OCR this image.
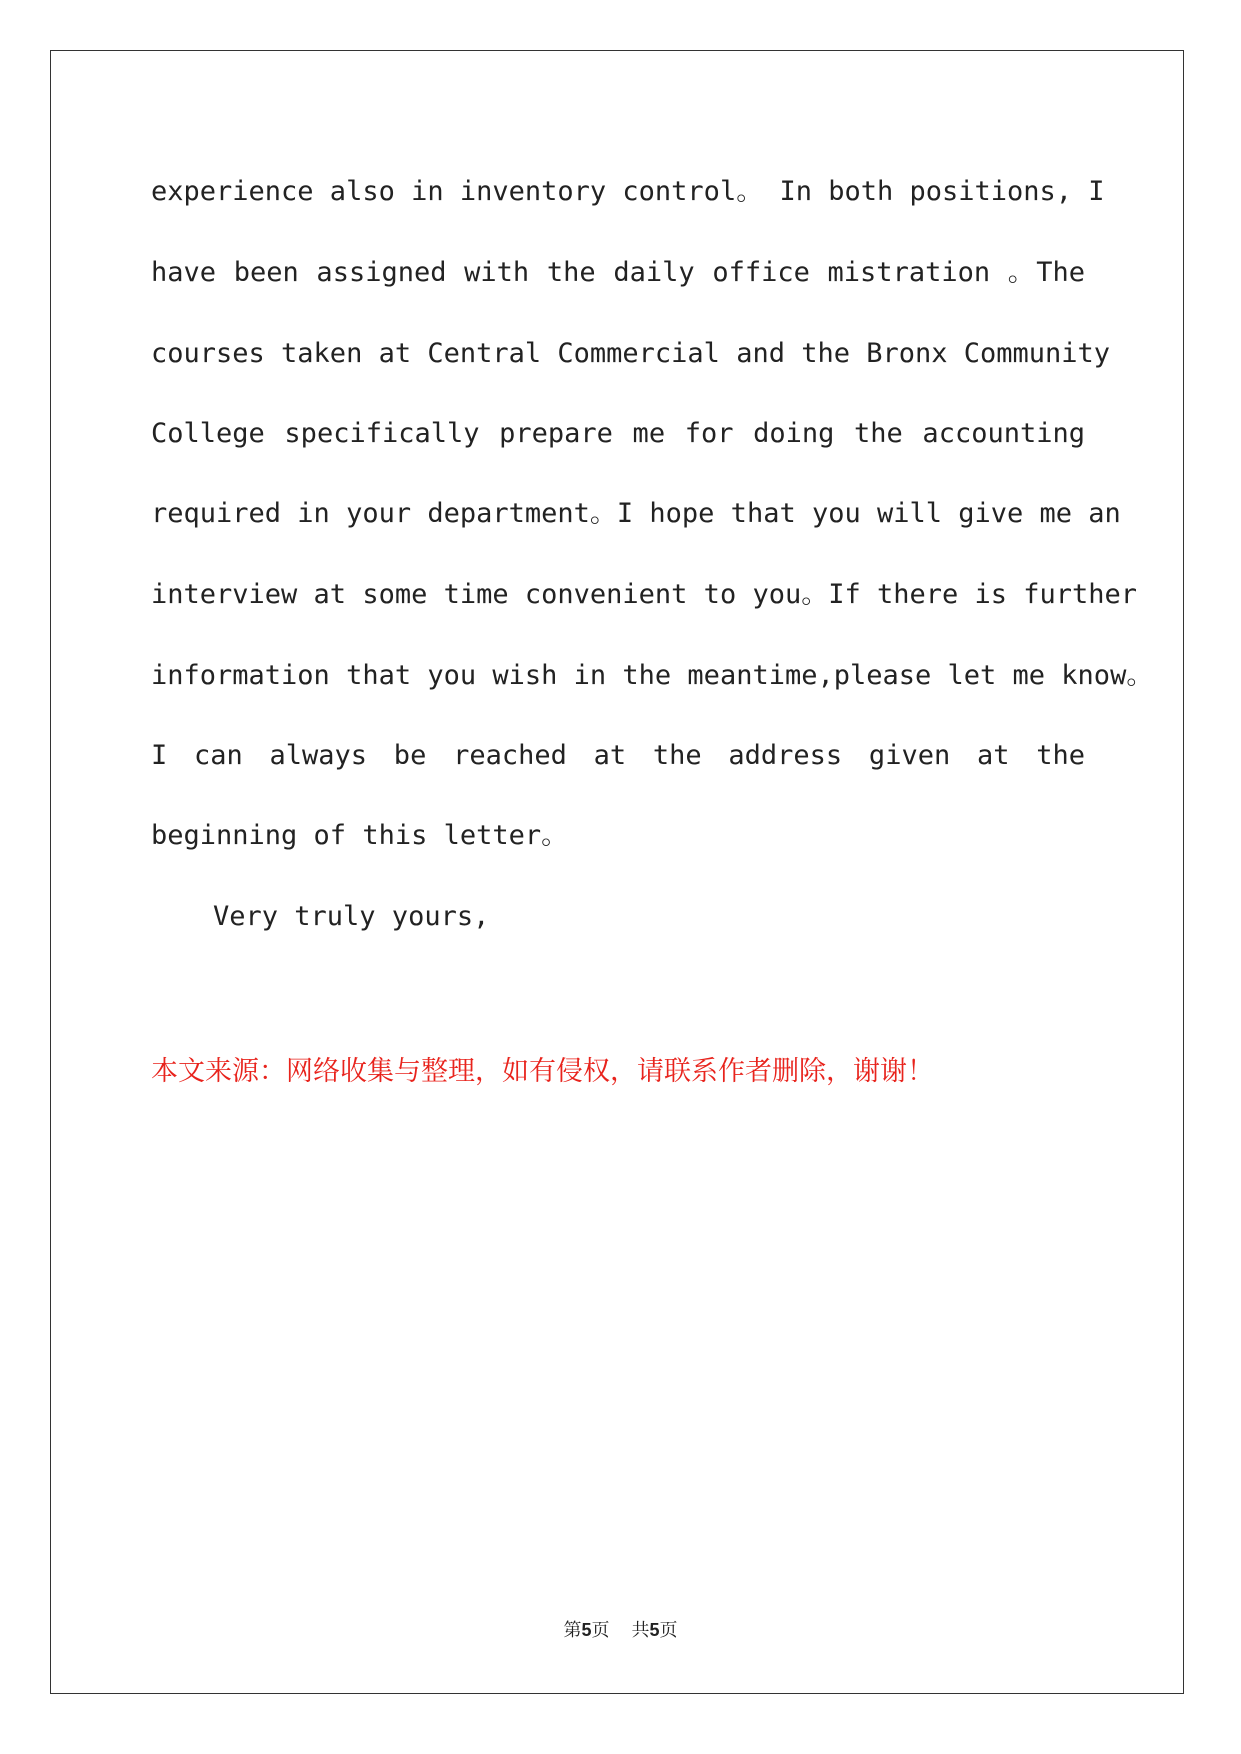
experience also in inventory control。 In both positions, I
have been assigned with the daily office mistration 。The
courses taken at Central Commercial and the Bronx Community
College specifically prepare me for doing the accounting
required in your department。I hope that you will give me an
interview at some time convenient to you。If there is further
information that you wish in the meantime,please let me know。
I can always be reached at the address given at the
beginning of this letter。
Very truly yours,
本文来源：网络收集与整理，如有侵权，请联系作者删除，谢谢！
第5页 共5页
